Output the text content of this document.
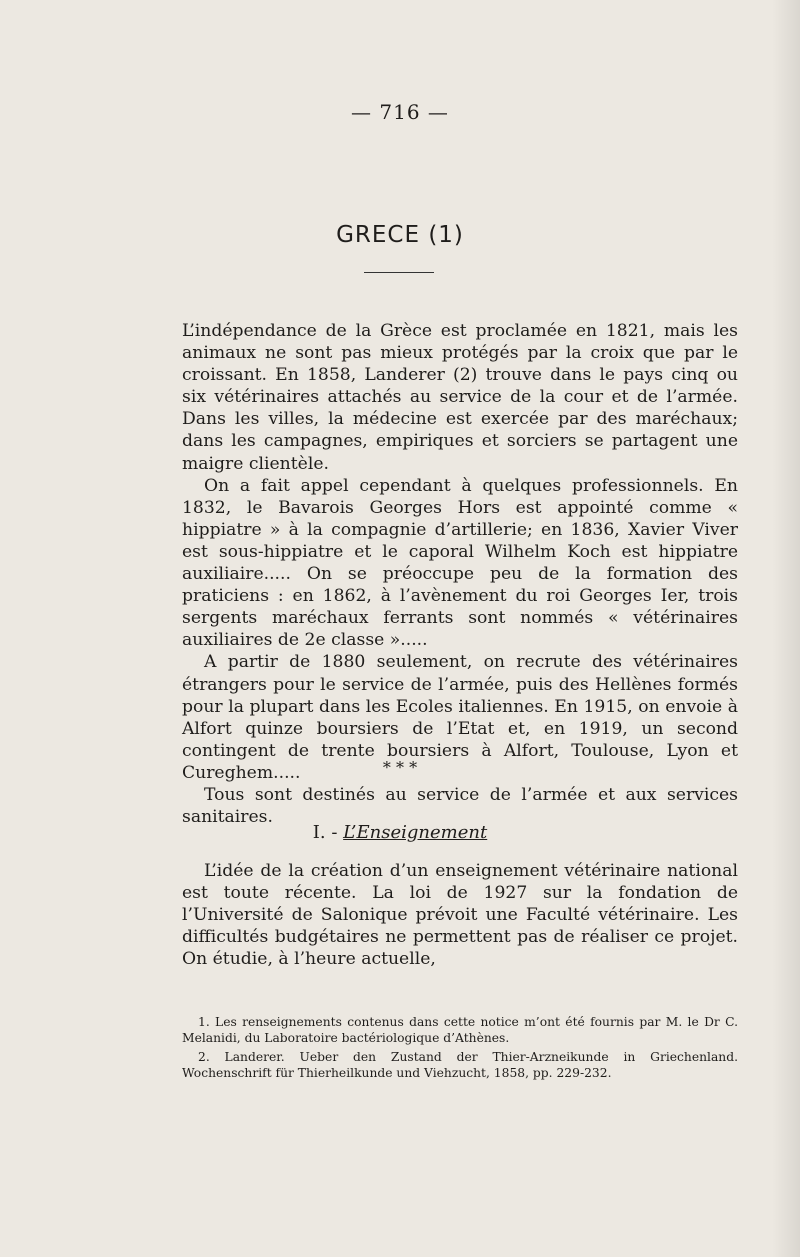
— 716 —
GRECE (1)

L’indépendance de la Grèce est proclamée en 1821, mais les animaux ne sont pas mieux protégés par la croix que par le croissant. En 1858, Landerer (2) trouve dans le pays cinq ou six vétérinaires attachés au service de la cour et de l’armée. Dans les villes, la médecine est exercée par des maréchaux; dans les campagnes, empiriques et sorciers se partagent une maigre clientèle.

On a fait appel cependant à quelques professionnels. En 1832, le Bavarois Georges Hors est appointé comme « hippiatre » à la compagnie d’artillerie; en 1836, Xavier Viver est sous-hippiatre et le caporal Wilhelm Koch est hippiatre auxiliaire..... On se préoccupe peu de la formation des praticiens : en 1862, à l’avènement du roi Georges Ier, trois sergents maréchaux ferrants sont nommés « vétérinaires auxiliaires de 2e classe ».....

A partir de 1880 seulement, on recrute des vétérinaires étrangers pour le service de l’armée, puis des Hellènes formés pour la plupart dans les Ecoles italiennes. En 1915, on envoie à Alfort quinze boursiers de l’Etat et, en 1919, un second contingent de trente boursiers à Alfort, Toulouse, Lyon et Cureghem.....

Tous sont destinés au service de l’armée et aux services sanitaires.

* * *
I. - L’Enseignement

L’idée de la création d’un enseignement vétérinaire national est toute récente. La loi de 1927 sur la fondation de l’Université de Salonique prévoit une Faculté vétérinaire. Les difficultés budgétaires ne permettent pas de réaliser ce projet. On étudie, à l’heure actuelle,

1. Les renseignements contenus dans cette notice m’ont été fournis par M. le Dr C. Melanidi, du Laboratoire bactériologique d’Athènes.

2. Landerer. Ueber den Zustand der Thier-Arzneikunde in Griechenland. Wochenschrift für Thierheilkunde und Viehzucht, 1858, pp. 229-232.
